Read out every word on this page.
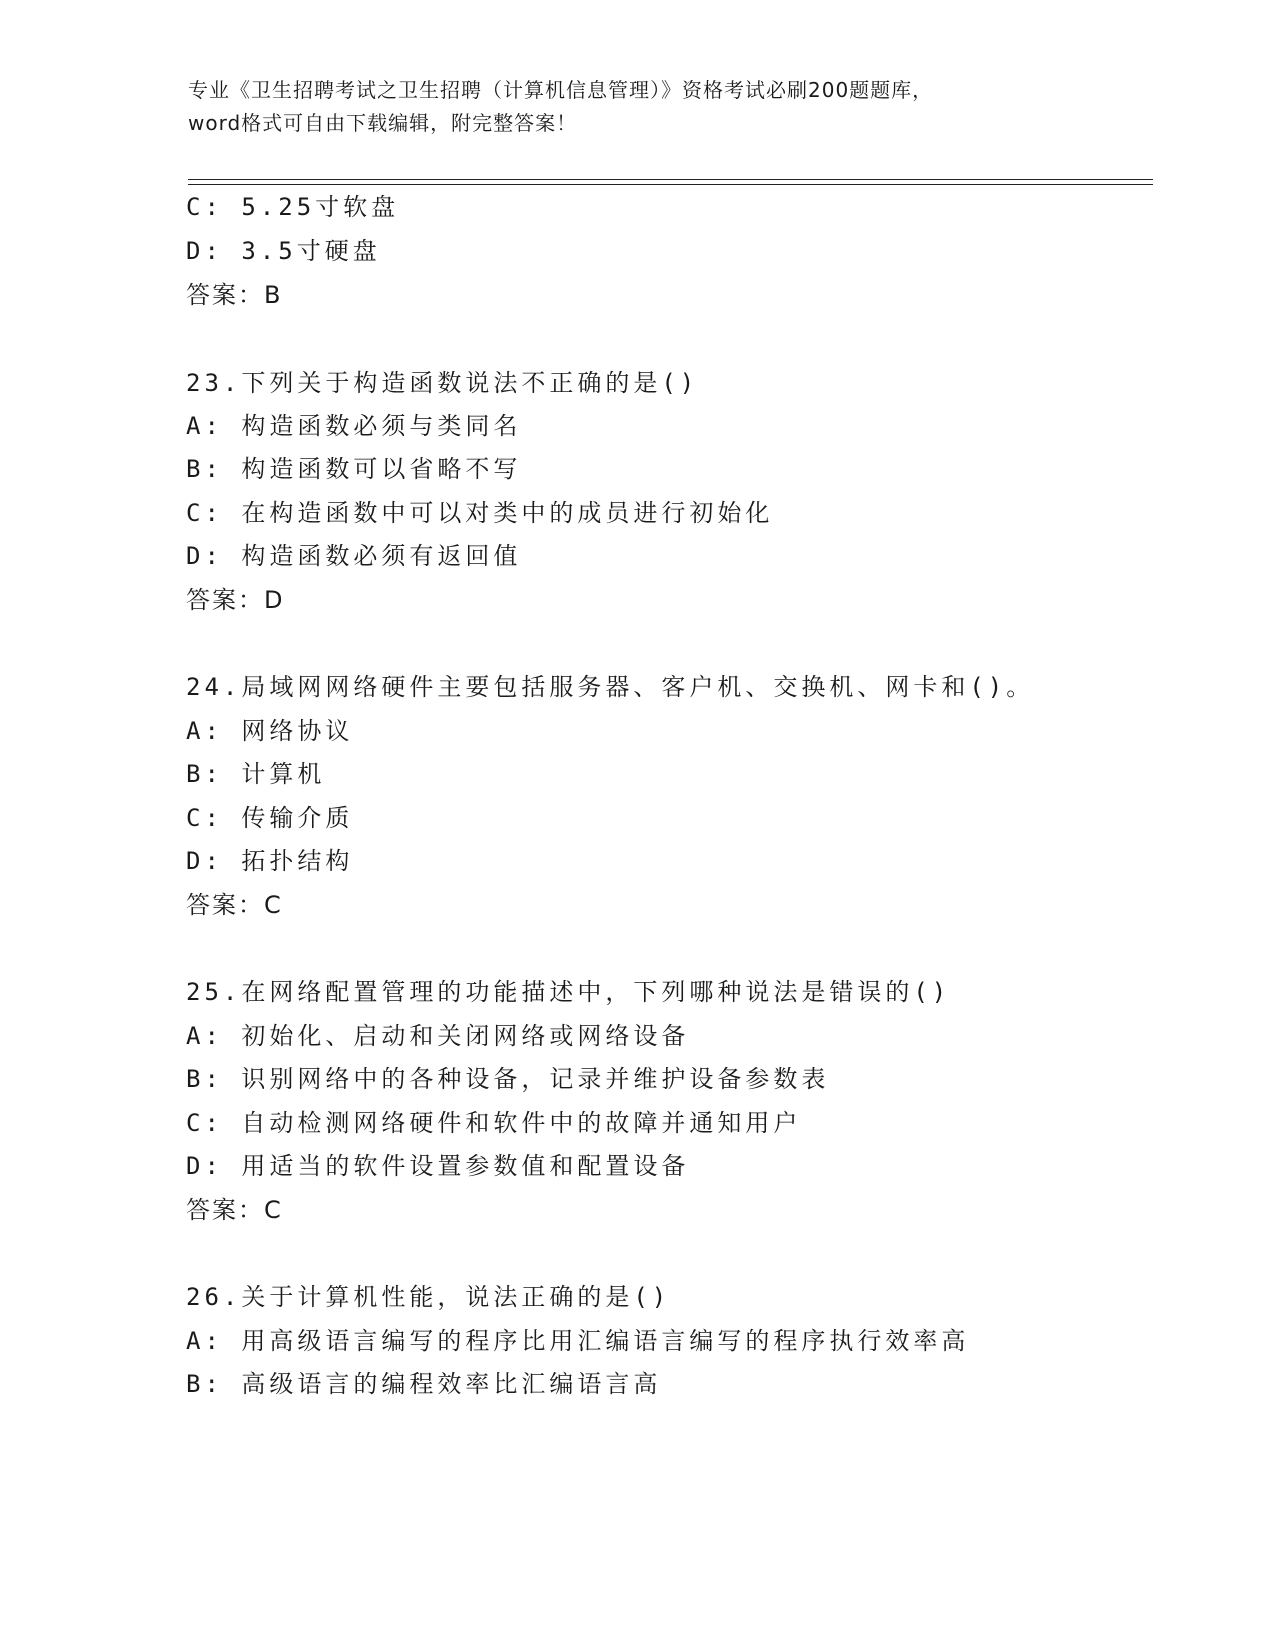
专业《卫生招聘考试之卫生招聘（计算机信息管理）》资格考试必刷200题题库，
word格式可自由下载编辑，附完整答案！
C: 5.25寸软盘
D: 3.5寸硬盘
答案：B
23.下列关于构造函数说法不正确的是()
A: 构造函数必须与类同名
B: 构造函数可以省略不写
C: 在构造函数中可以对类中的成员进行初始化
D: 构造函数必须有返回值
答案：D
24.局域网网络硬件主要包括服务器、客户机、交换机、网卡和()。
A: 网络协议
B: 计算机
C: 传输介质
D: 拓扑结构
答案：C
25.在网络配置管理的功能描述中，下列哪种说法是错误的()
A: 初始化、启动和关闭网络或网络设备
B: 识别网络中的各种设备，记录并维护设备参数表
C: 自动检测网络硬件和软件中的故障并通知用户
D: 用适当的软件设置参数值和配置设备
答案：C
26.关于计算机性能，说法正确的是()
A: 用高级语言编写的程序比用汇编语言编写的程序执行效率高
B: 高级语言的编程效率比汇编语言高
